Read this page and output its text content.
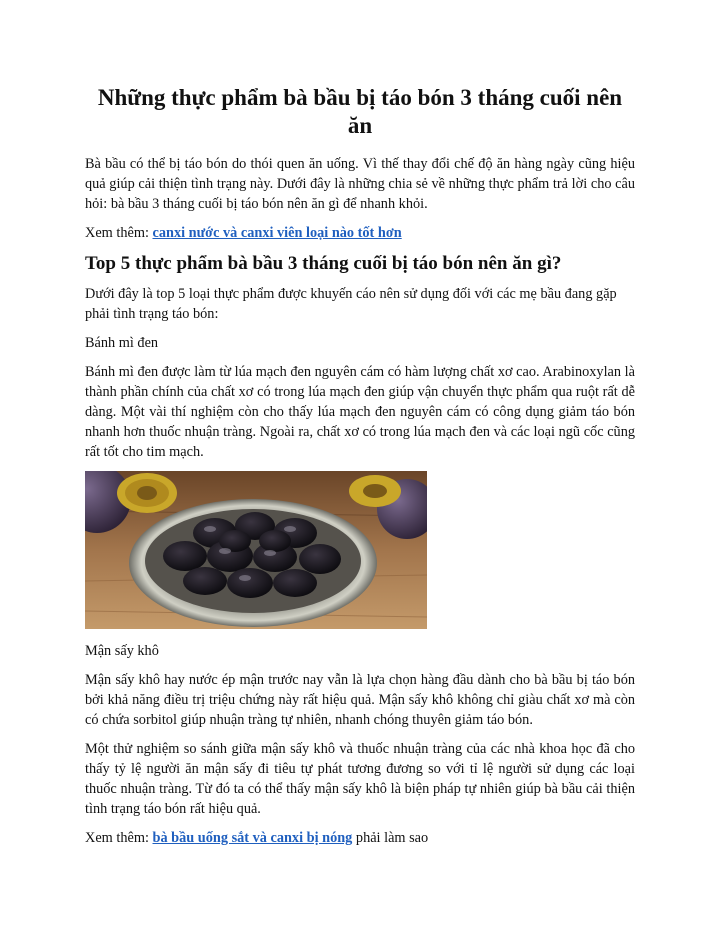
Những thực phẩm bà bầu bị táo bón 3 tháng cuối nên ăn

Bà bầu có thể bị táo bón do thói quen ăn uống. Vì thế thay đổi chế độ ăn hàng ngày cũng hiệu quả giúp cải thiện tình trạng này. Dưới đây là những chia sẻ về những thực phẩm trả lời cho câu hỏi: bà bầu 3 tháng cuối bị táo bón nên ăn gì để nhanh khỏi.

Xem thêm: canxi nước và canxi viên loại nào tốt hơn

Top 5 thực phẩm bà bầu 3 tháng cuối bị táo bón nên ăn gì?

Dưới đây là top 5 loại thực phẩm được khuyến cáo nên sử dụng đối với các mẹ bầu đang gặp phải tình trạng táo bón:

Bánh mì đen

Bánh mì đen được làm từ lúa mạch đen nguyên cám có hàm lượng chất xơ cao. Arabinoxylan là thành phần chính của chất xơ có trong lúa mạch đen giúp vận chuyển thực phẩm qua ruột rất dễ dàng. Một vài thí nghiệm còn cho thấy lúa mạch đen nguyên cám có công dụng giảm táo bón nhanh hơn thuốc nhuận tràng. Ngoài ra, chất xơ có trong lúa mạch đen và các loại ngũ cốc cũng rất tốt cho tim mạch.

Mận sấy khô

Mận sấy khô hay nước ép mận trước nay vẫn là lựa chọn hàng đầu dành cho bà bầu bị táo bón bởi khả năng điều trị triệu chứng này rất hiệu quả. Mận sấy khô không chỉ giàu chất xơ mà còn có chứa sorbitol giúp nhuận tràng tự nhiên, nhanh chóng thuyên giảm táo bón.

Một thử nghiệm so sánh giữa mận sấy khô và thuốc nhuận tràng của các nhà khoa học đã cho thấy tỷ lệ người ăn mận sấy đi tiêu tự phát tương đương so với tỉ lệ người sử dụng các loại thuốc nhuận tràng. Từ đó ta có thể thấy mận sấy khô là biện pháp tự nhiên giúp bà bầu cải thiện tình trạng táo bón rất hiệu quả.

Xem thêm: bà bầu uống sắt và canxi bị nóng phải làm sao
